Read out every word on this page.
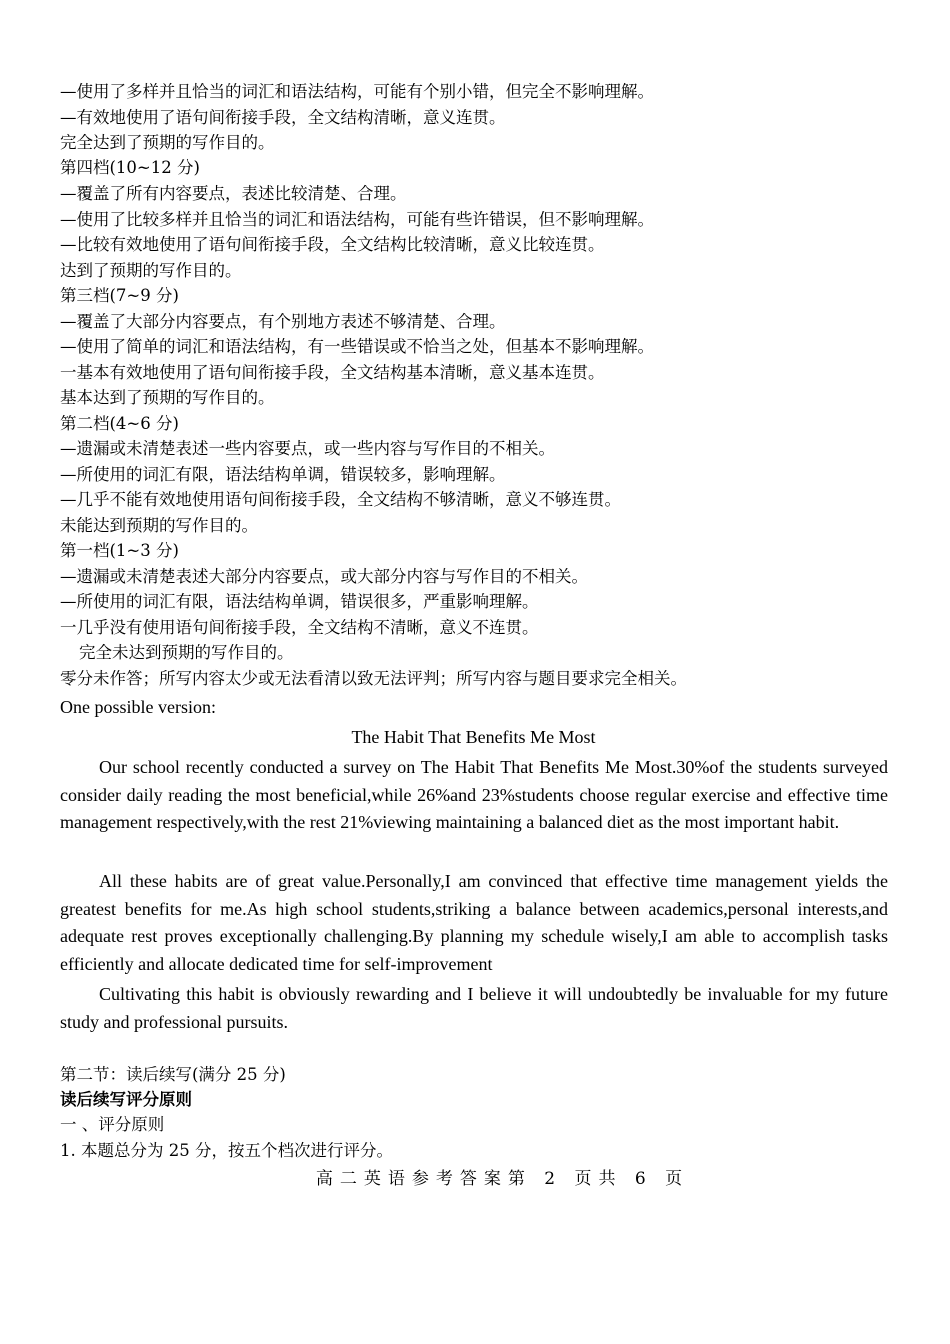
—使用了多样并且恰当的词汇和语法结构，可能有个别小错，但完全不影响理解。
—有效地使用了语句间衔接手段，全文结构清晰，意义连贯。
完全达到了预期的写作目的。
第四档(10~12 分)
—覆盖了所有内容要点，表述比较清楚、合理。
—使用了比较多样并且恰当的词汇和语法结构，可能有些许错误，但不影响理解。
—比较有效地使用了语句间衔接手段，全文结构比较清晰，意义比较连贯。
达到了预期的写作目的。
第三档(7~9 分)
—覆盖了大部分内容要点，有个别地方表述不够清楚、合理。
—使用了简单的词汇和语法结构，有一些错误或不恰当之处，但基本不影响理解。
一基本有效地使用了语句间衔接手段，全文结构基本清晰，意义基本连贯。
基本达到了预期的写作目的。
第二档(4~6 分)
—遗漏或未清楚表述一些内容要点，或一些内容与写作目的不相关。
—所使用的词汇有限，语法结构单调，错误较多，影响理解。
—几乎不能有效地使用语句间衔接手段，全文结构不够清晰，意义不够连贯。
未能达到预期的写作目的。
第一档(1~3 分)
—遗漏或未清楚表述大部分内容要点，或大部分内容与写作目的不相关。
—所使用的词汇有限，语法结构单调，错误很多，严重影响理解。
一几乎没有使用语句间衔接手段，全文结构不清晰，意义不连贯。
完全未达到预期的写作目的。
零分未作答；所写内容太少或无法看清以致无法评判；所写内容与题目要求完全相关。
One possible version:
The Habit That Benefits Me Most
Our school recently conducted a survey on The Habit That Benefits Me Most.30%of the students surveyed consider daily reading the most beneficial,while 26%and 23%students choose regular exercise and effective time management respectively,with the rest 21%viewing maintaining a balanced diet as the most important habit.
All these habits are of great value.Personally,I am convinced that effective time management yields the greatest benefits for me.As high school students,striking a balance between academics,personal interests,and adequate rest proves exceptionally challenging.By planning my schedule wisely,I am able to accomplish tasks efficiently and allocate dedicated time for self-improvement
Cultivating this habit is obviously rewarding and I believe it will undoubtedly be invaluable for my future study and professional pursuits.
第二节：读后续写(满分 25 分)
读后续写评分原则
一 、评分原则
1. 本题总分为 25 分，按五个档次进行评分。
高二英语参考答案第 2 页共 6 页
